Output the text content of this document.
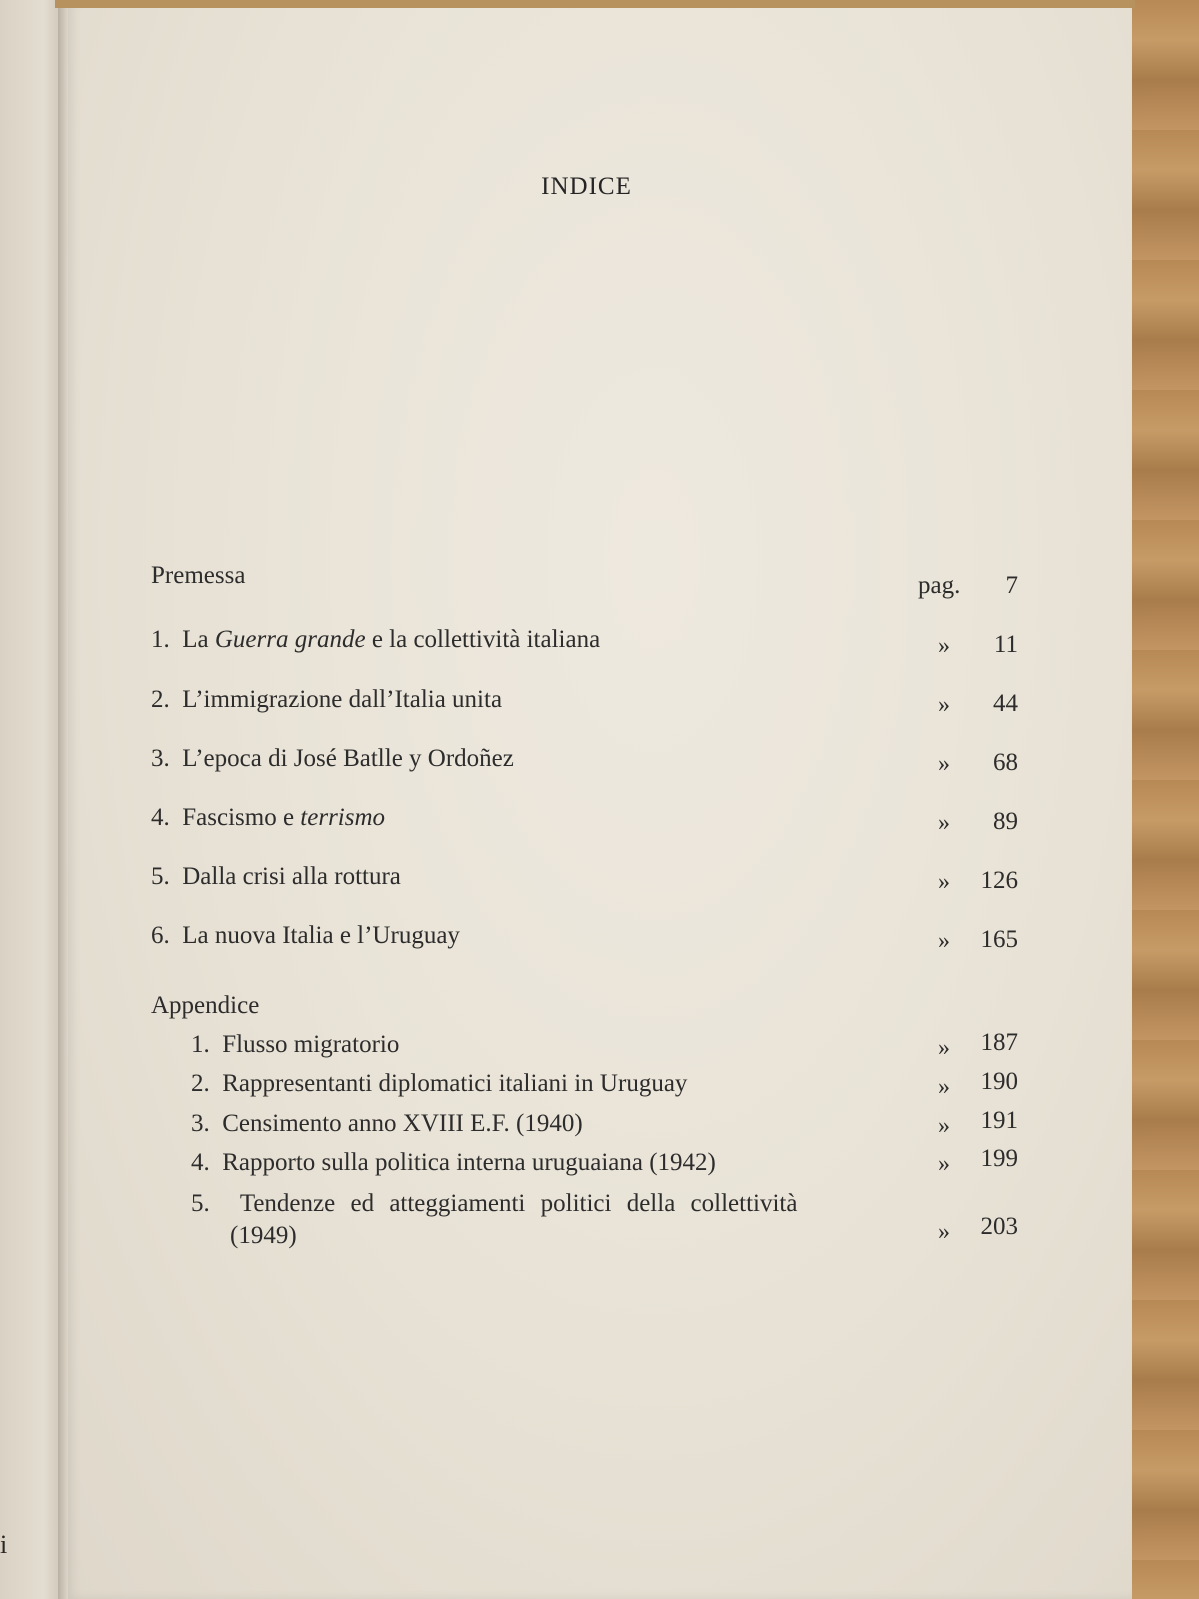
i
INDICE
Premessa	pag.	7
1. La Guerra grande e la collettività italiana	»	11
2. L’immigrazione dall’Italia unita	»	44
3. L’epoca di José Batlle y Ordoñez	»	68
4. Fascismo e terrismo	»	89
5. Dalla crisi alla rottura	»	126
6. La nuova Italia e l’Uruguay	»	165
Appendice
1. Flusso migratorio	»	187
2. Rappresentanti diplomatici italiani in Uruguay	»	190
3. Censimento anno XVIII E.F. (1940)	»	191
4. Rapporto sulla politica interna uruguaiana (1942)	»	199
5. Tendenze ed atteggiamenti politici della collettività
(1949)	»	203
